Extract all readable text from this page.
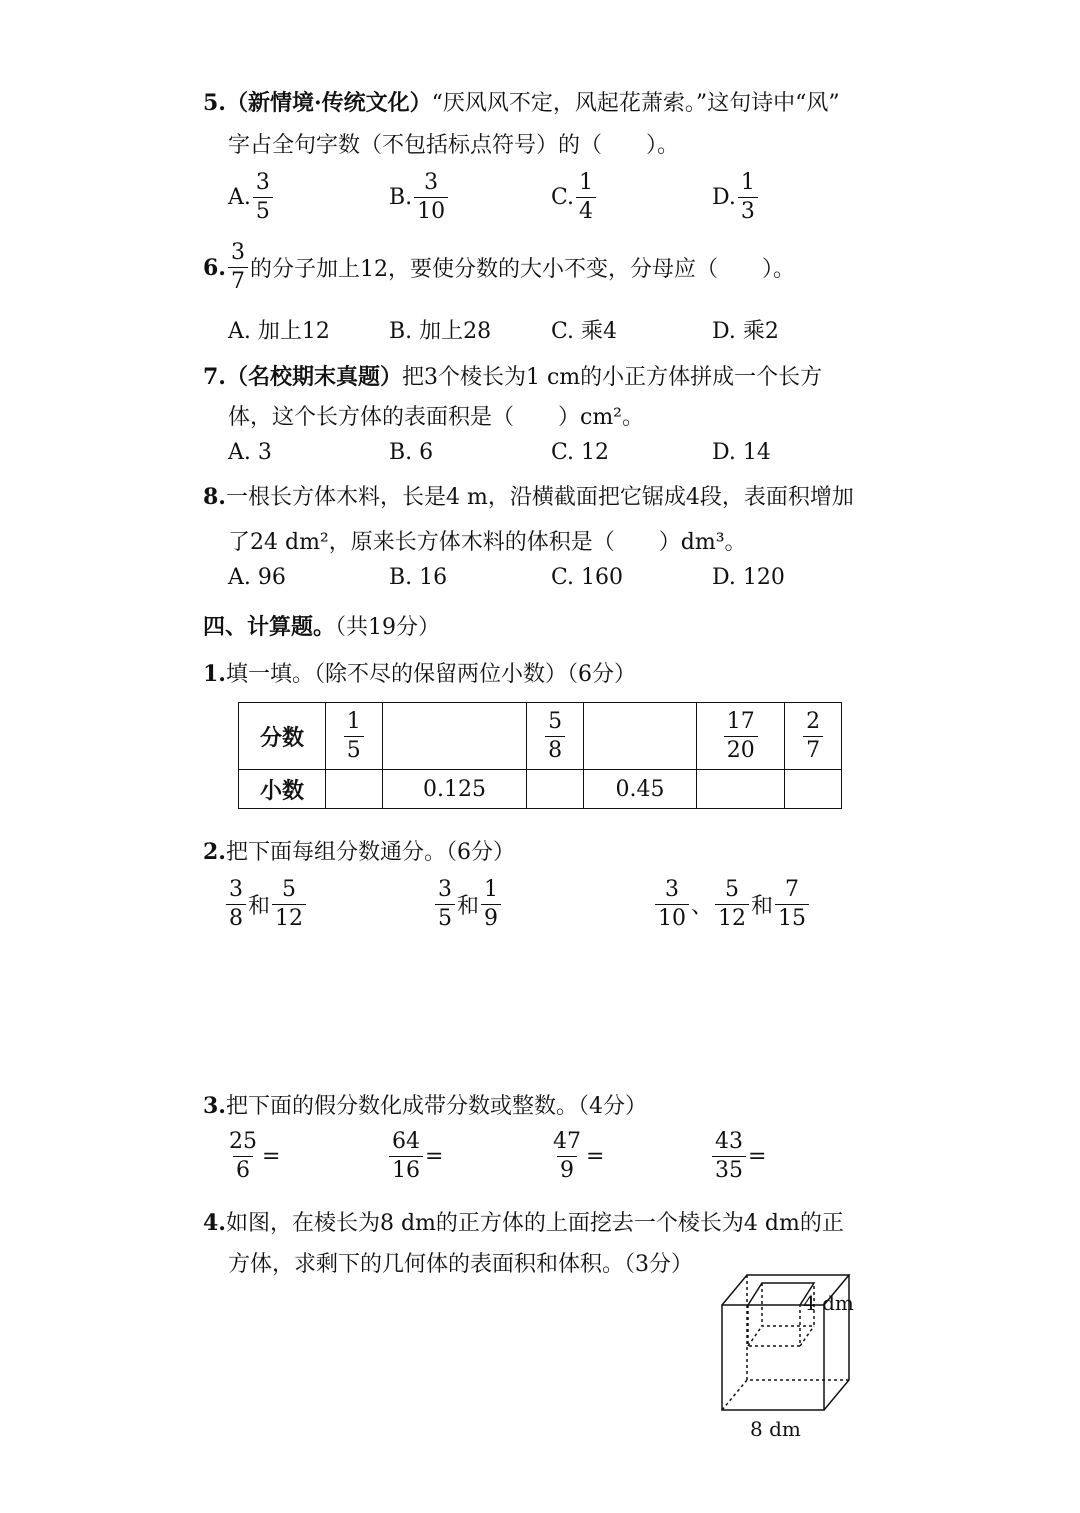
5.（新情境·传统文化）“厌风风不定，风起花萧索。”这句诗中“风”
字占全句字数（不包括标点符号）的（　　）。
A. $\frac{3}{5}$	B. $\frac{3}{10}$	C. $\frac{1}{4}$	D. $\frac{1}{3}$
6. $\frac{3}{7}$ 的分子加上12，要使分数的大小不变，分母应（　　）。
A. 加上12	B. 加上28	C. 乘4	D. 乘2
7.（名校期末真题）把3个棱长为1 cm的小正方体拼成一个长方
体，这个长方体的表面积是（　　）cm²。
A. 3	B. 6	C. 12	D. 14
8.一根长方体木料，长是4 m，沿横截面把它锯成4段，表面积增加
了24 dm²，原来长方体木料的体积是（　　）dm³。
A. 96	B. 16	C. 160	D. 120
四、计算题。（共19分）
1.填一填。（除不尽的保留两位小数）（6分）
分数	$\frac{1}{5}$		$\frac{5}{8}$		$\frac{17}{20}$	$\frac{2}{7}$

小数		0.125		0.45		
2.把下面每组分数通分。（6分）
$\frac{3}{8}$ 和 $\frac{5}{12}$	$\frac{3}{5}$ 和 $\frac{1}{9}$	$\frac{3}{10}$ 、 $\frac{5}{12}$ 和 $\frac{7}{15}$
3.把下面的假分数化成带分数或整数。（4分）
$\frac{25}{6}$ =	$\frac{64}{16}$ =	$\frac{47}{9}$ =	$\frac{43}{35}$ =
4.如图，在棱长为8 dm的正方体的上面挖去一个棱长为4 dm的正
方体，求剩下的几何体的表面积和体积。（3分）
4 dm
8 dm
